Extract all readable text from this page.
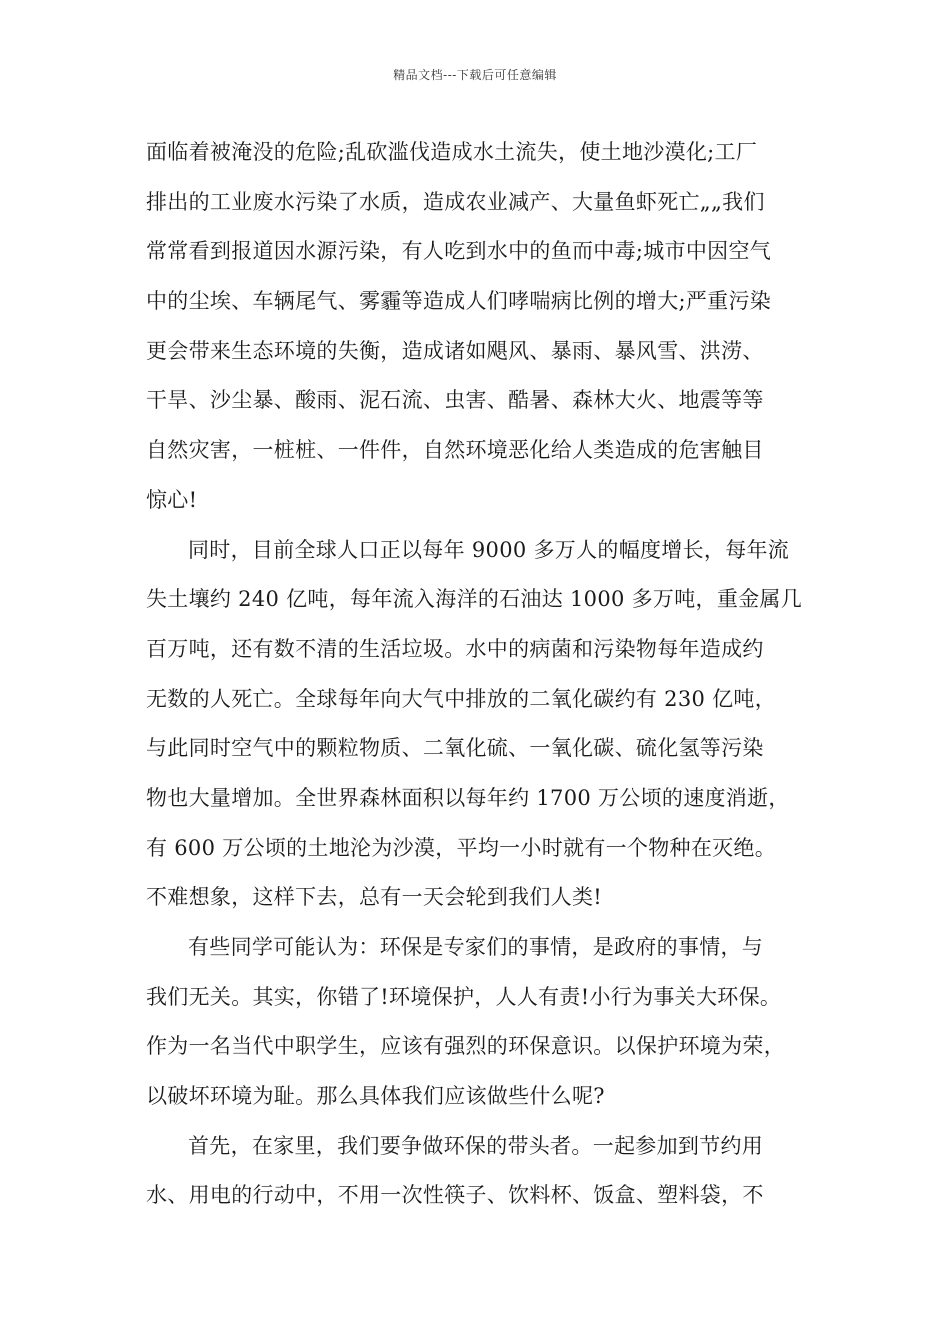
精品文档---下载后可任意编辑
面临着被淹没的危险;乱砍滥伐造成水土流失，使土地沙漠化;工厂
排出的工业废水污染了水质，造成农业减产、大量鱼虾死亡„„我们
常常看到报道因水源污染，有人吃到水中的鱼而中毒;城市中因空气
中的尘埃、车辆尾气、雾霾等造成人们哮喘病比例的增大;严重污染
更会带来生态环境的失衡，造成诸如飓风、暴雨、暴风雪、洪涝、
干旱、沙尘暴、酸雨、泥石流、虫害、酷暑、森林大火、地震等等
自然灾害，一桩桩、一件件，自然环境恶化给人类造成的危害触目
惊心!
同时，目前全球人口正以每年 9000 多万人的幅度增长，每年流
失土壤约 240 亿吨，每年流入海洋的石油达 1000 多万吨，重金属几
百万吨，还有数不清的生活垃圾。水中的病菌和污染物每年造成约
无数的人死亡。全球每年向大气中排放的二氧化碳约有 230 亿吨，
与此同时空气中的颗粒物质、二氧化硫、一氧化碳、硫化氢等污染
物也大量增加。全世界森林面积以每年约 1700 万公顷的速度消逝，
有 600 万公顷的土地沦为沙漠，平均一小时就有一个物种在灭绝。
不难想象，这样下去，总有一天会轮到我们人类!
有些同学可能认为：环保是专家们的事情，是政府的事情，与
我们无关。其实，你错了!环境保护，人人有责!小行为事关大环保。
作为一名当代中职学生，应该有强烈的环保意识。以保护环境为荣，
以破坏环境为耻。那么具体我们应该做些什么呢?
首先，在家里，我们要争做环保的带头者。一起参加到节约用
水、用电的行动中，不用一次性筷子、饮料杯、饭盒、塑料袋，不
